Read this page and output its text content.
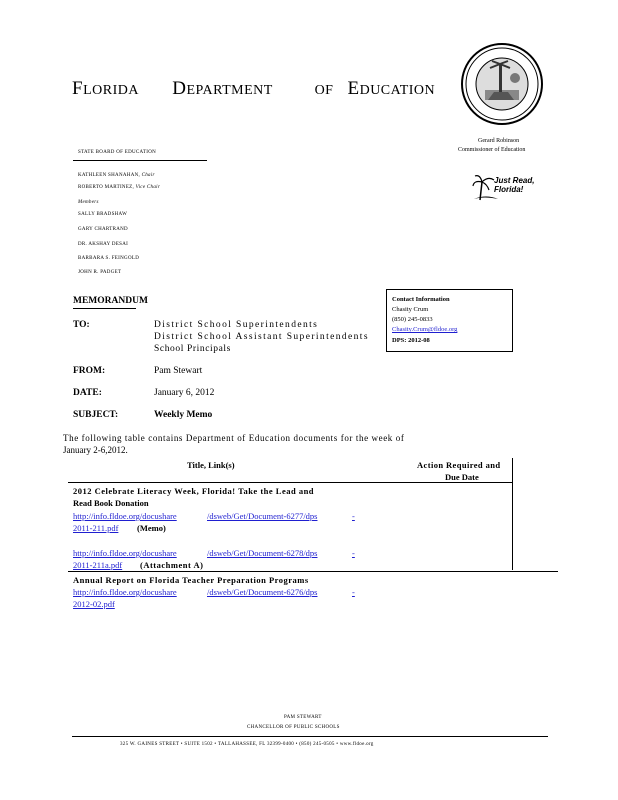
FLORIDA DEPARTMENT	OF EDUCATION
Gerard Robinson
Commissioner of Education
Just Read, Florida!
STATE BOARD OF EDUCATION
KATHLEEN SHANAHAN, Chair
ROBERTO MARTINEZ, Vice Chair
Members
SALLY BRADSHAW
GARY CHARTRAND
DR. AKSHAY DESAI
BARBARA S. FEINGOLD
JOHN R. PADGET
Contact Information
Chasity Crum
(850) 245-0833
Chasity.Crum@fldoe.org
DPS: 2012-08
MEMORANDUM
TO:	District School Superintendents
District School Assistant Superintendents
School Principals
FROM:	Pam Stewart
DATE:	January 6, 2012
SUBJECT:	Weekly Memo
The following table contains Department of Education documents for the week of
January 2-6,2012.
Title, Link(s)	Action Required and
Due Date
2012 Celebrate Literacy Week, Florida! Take the Lead and
Read Book Donation
http://info.fldoe.org/docushare	/dsweb/Get/Document-6277/dps	-
2011-211.pdf (Memo)
http://info.fldoe.org/docushare	/dsweb/Get/Document-6278/dps	-
2011-211a.pdf (Attachment A)
Annual Report on Florida Teacher Preparation Programs
http://info.fldoe.org/docushare	/dsweb/Get/Document-6276/dps	-
2012-02.pdf
PAM STEWART
CHANCELLOR OF PUBLIC SCHOOLS
325 W. GAINES STREET • SUITE 1502 • TALLAHASSEE, FL 32399-0400 • (850) 245-0505 • www.fldoe.org
